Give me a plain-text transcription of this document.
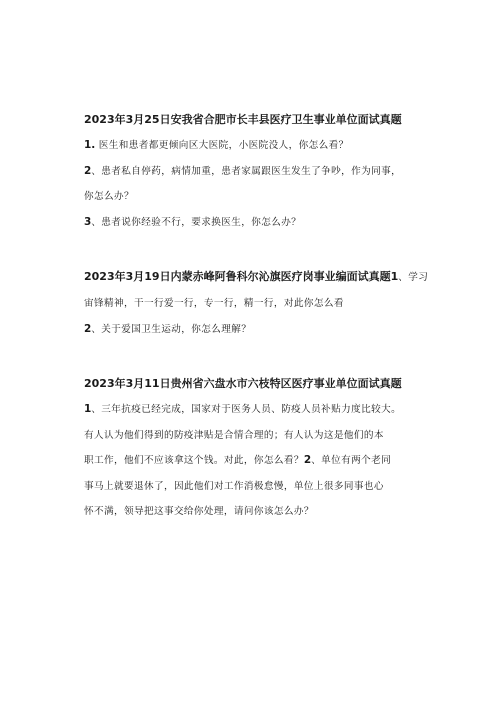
2023年3月25日安我省合肥市长丰县医疗卫生事业单位面试真题
1. 医生和患者都更倾向区大医院，小医院没人，你怎么看？
2、患者私自停药，病情加重，患者家属跟医生发生了争吵，作为同事，
你怎么办？
3、患者说你经验不行，要求换医生，你怎么办？
2023年3月19日内蒙赤峰阿鲁科尔沁旗医疗岗事业编面试真题1、学习
宙锋精神，干一行爱一行，专一行，精一行，对此你怎么看
2、关于爱国卫生运动，你怎么理解？
2023年3月11日贵州省六盘水市六枝特区医疗事业单位面试真题
1、三年抗疫已经完成，国家对于医务人员、防疫人员补贴力度比较大。
有人认为他们得到的防疫津贴是合情合理的；有人认为这是他们的本
职工作，他们不应该拿这个钱。对此，你怎么看？2、单位有两个老同
事马上就要退休了，因此他们对工作消极怠慢，单位上很多同事也心
怀不满，领导把这事交给你处理，请问你该怎么办？
